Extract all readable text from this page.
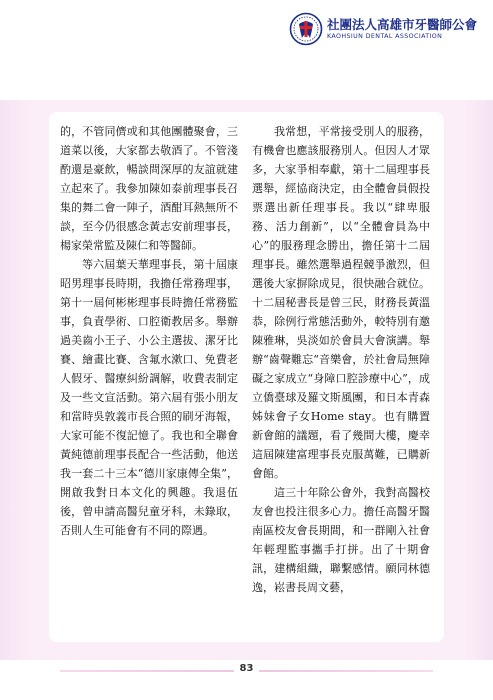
社團法人高雄市牙醫師公會
KAOHSIUN DENTAL ASSOCIATION

的，不管同儕或和其他團體聚會，三道菜以後，大家都去敬酒了。不管淺酌還是豪飲，暢談問深厚的友誼就建立起來了。我參加陳如泰前理事長召集的舞二會一陣子，酒酣耳熱無所不談，至今仍很感念黃志安前理事長，楊家榮常監及陳仁和等醫師。

等六屆葉天華理事長，第十屆康昭男理事長時期，我擔任常務理事，第十一屆何彬彬理事長時擔任常務監事，負責學術、口腔衛教居多。舉辦過美齒小王子、小公主選拔、潔牙比賽、繪畫比賽、含氟水漱口、免費老人假牙、醫療糾紛調解，收費表制定及一些文宣活動。第六屆有張小朋友和當時吳敦義市長合照的刷牙海報，大家可能不復記憶了。我也和全聯會黃純德前理事長配合一些活動，他送我一套二十三本“德川家康傳全集”，開啟我對日本文化的興趣。我退伍後，曾申請高醫兒童牙科，未錄取，否則人生可能會有不同的際遇。

我常想，平常接受別人的服務，有機會也應該服務別人。但因人才眾多，大家爭相奉獻，第十二屆理事長選舉，經協商決定，由全體會員假投票選出新任理事長。我以“肆卑服務、活力創新”，以“全體會員為中心”的服務理念勝出，擔任第十二屆理事長。雖然選舉過程競爭激烈，但選後大家摒除成見，很快融合就位。十二屆秘書長是曾三民，財務長黃溫恭，除例行常態活動外，較特別有邀陳雅琳，吳淡如於會員大會演講。舉辦“齒聲難忘“音樂會，於社會局無障礙之家成立“身障口腔診療中心”，成立僑臺球及羅文斯風團，和日本青森姊妹會子女Home stay。也有購置新會館的議題，看了幾間大樓，慶幸這屆陳建富理事長克服萬難，已購新會館。

這三十年除公會外，我對高醫校友會也投注很多心力。擔任高醫牙醫南區校友會長期間，和一群剛入社會年輕理監事攜手打拼。出了十期會訊，建構組織，聯繫感情。願同林德逸，崧書長周文藝，

83
